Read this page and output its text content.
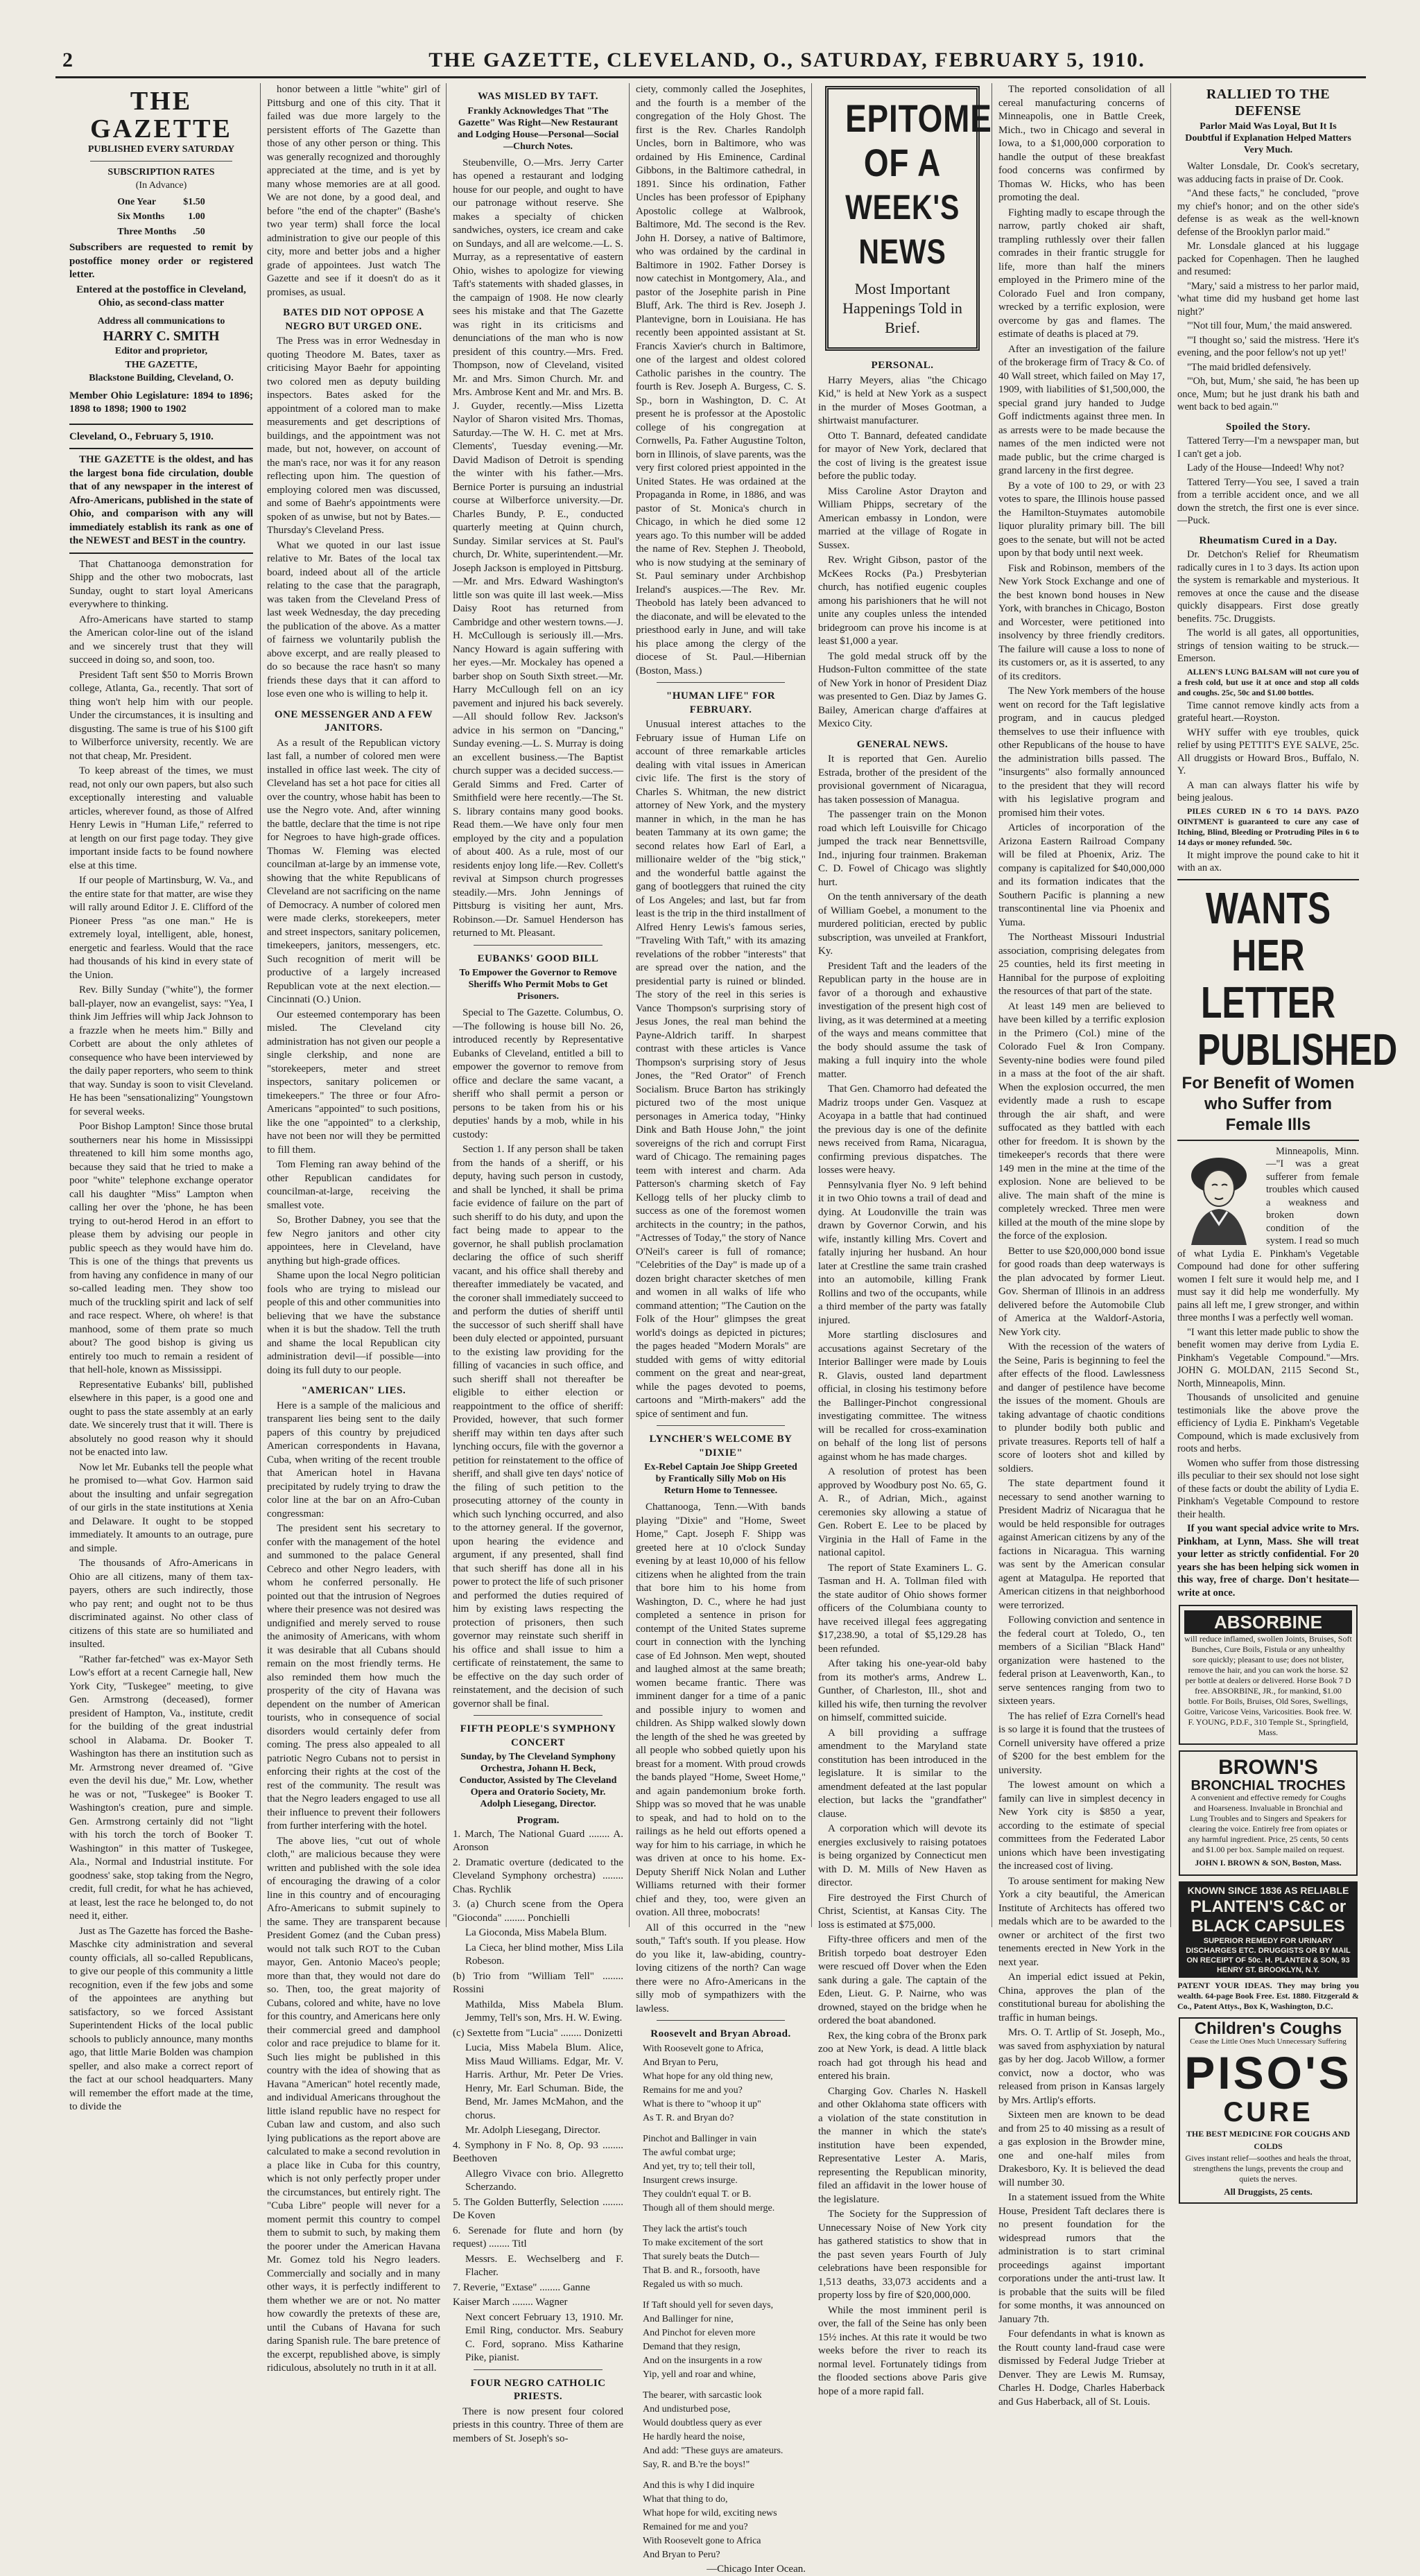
2	THE GAZETTE, CLEVELAND, O., SATURDAY, FEBRUARY 5, 1910.
THE GAZETTE
PUBLISHED EVERY SATURDAY
SUBSCRIPTION RATES
(In Advance)
One Year	$1.50
Six Months	1.00
Three Months	.50

Subscribers are requested to remit by postoffice money order or registered letter.

Entered at the postoffice in Cleveland, Ohio, as second-class matter

Address all communications to
HARRY C. SMITH
Editor and proprietor,
THE GAZETTE,
Blackstone Building, Cleveland, O.

Member Ohio Legislature: 1894 to 1896; 1898 to 1898; 1900 to 1902

Cleveland, O., February 5, 1910.

THE GAZETTE is the oldest, and has the largest bona fide circulation, double that of any newspaper in the interest of Afro-Americans, published in the state of Ohio, and comparison with any will immediately establish its rank as one of the NEWEST and BEST in the country.

That Chattanooga demonstration for Shipp and the other two mobocrats, last Sunday, ought to start loyal Americans everywhere to thinking.

Afro-Americans have started to stamp the American color-line out of the island and we sincerely trust that they will succeed in doing so, and soon, too.

President Taft sent $50 to Morris Brown college, Atlanta, Ga., recently. That sort of thing won't help him with our people. Under the circumstances, it is insulting and disgusting. The same is true of his $100 gift to Wilberforce university, recently. We are not that cheap, Mr. President.

To keep abreast of the times, we must read, not only our own papers, but also such exceptionally interesting and valuable articles, wherever found, as those of Alfred Henry Lewis in "Human Life," referred to at length on our first page today. They give important inside facts to be found nowhere else at this time.

If our people of Martinsburg, W. Va., and the entire state for that matter, are wise they will rally around Editor J. E. Clifford of the Pioneer Press "as one man." He is extremely loyal, intelligent, able, honest, energetic and fearless. Would that the race had thousands of his kind in every state of the Union.

Rev. Billy Sunday ("white"), the former ball-player, now an evangelist, says: "Yea, I think Jim Jeffries will whip Jack Johnson to a frazzle when he meets him." Billy and Corbett are about the only athletes of consequence who have been interviewed by the daily paper reporters, who seem to think that way. Sunday is soon to visit Cleveland. He has been "sensationalizing" Youngstown for several weeks.

Poor Bishop Lampton! Since those brutal southerners near his home in Mississippi threatened to kill him some months ago, because they said that he tried to make a poor "white" telephone exchange operator call his daughter "Miss" Lampton when calling her over the 'phone, he has been trying to out-herod Herod in an effort to please them by advising our people in public speech as they would have him do. This is one of the things that prevents us from having any confidence in many of our so-called leading men. They show too much of the truckling spirit and lack of self and race respect. Where, oh where! is that manhood, some of them prate so much about? The good bishop is giving us entirely too much to remain a resident of that hell-hole, known as Mississippi.

Representative Eubanks' bill, published elsewhere in this paper, is a good one and ought to pass the state assembly at an early date. We sincerely trust that it will. There is absolutely no good reason why it should not be enacted into law.

Now let Mr. Eubanks tell the people what he promised to—what Gov. Harmon said about the insulting and unfair segregation of our girls in the state institutions at Xenia and Delaware. It ought to be stopped immediately. It amounts to an outrage, pure and simple.

The thousands of Afro-Americans in Ohio are all citizens, many of them tax-payers, others are such indirectly, those who pay rent; and ought not to be thus discriminated against. No other class of citizens of this state are so humiliated and insulted.

"Rather far-fetched" was ex-Mayor Seth Low's effort at a recent Carnegie hall, New York City, "Tuskegee" meeting, to give Gen. Armstrong (deceased), former president of Hampton, Va., institute, credit for the building of the great industrial school in Alabama. Dr. Booker T. Washington has there an institution such as Mr. Armstrong never dreamed of. "Give even the devil his due," Mr. Low, whether he was or not, "Tuskegee" is Booker T. Washington's creation, pure and simple. Gen. Armstrong certainly did not "light with his torch the torch of Booker T. Washington" in this matter of Tuskegee, Ala., Normal and Industrial institute. For goodness' sake, stop taking from the Negro, credit, full credit, for what he has achieved, at least, lest the race he belonged to, do not need it, either.

Just as The Gazette has forced the Bashe-Maschke city administration and several county officials, all so-called Republicans, to give our people of this community a little recognition, even if the few jobs and some of the appointees are anything but satisfactory, so we forced Assistant Superintendent Hicks of the local public schools to publicly announce, many months ago, that little Marie Bolden was champion speller, and also make a correct report of the fact at our school headquarters. Many will remember the effort made at the time, to divide the

honor between a little "white" girl of Pittsburg and one of this city. That it failed was due more largely to the persistent efforts of The Gazette than those of any other person or thing. This was generally recognized and thoroughly appreciated at the time, and is yet by many whose memories are at all good. We are not done, by a good deal, and before "the end of the chapter" (Bashe's two year term) shall force the local administration to give our people of this city, more and better jobs and a higher grade of appointees. Just watch The Gazette and see if it doesn't do as it promises, as usual.

BATES DID NOT OPPOSE A NEGRO BUT URGED ONE.

The Press was in error Wednesday in quoting Theodore M. Bates, taxer as criticising Mayor Baehr for appointing two colored men as deputy building inspectors. Bates asked for the appointment of a colored man to make measurements and get descriptions of buildings, and the appointment was not made, but not, however, on account of the man's race, nor was it for any reason reflecting upon him. The question of employing colored men was discussed, and some of Baehr's appointments were spoken of as unwise, but not by Bates.—Thursday's Cleveland Press.

What we quoted in our last issue relative to Mr. Bates of the local tax board, indeed about all of the article relating to the case that the paragraph, was taken from the Cleveland Press of last week Wednesday, the day preceding the publication of the above. As a matter of fairness we voluntarily publish the above excerpt, and are really pleased to do so because the race hasn't so many friends these days that it can afford to lose even one who is willing to help it.

ONE MESSENGER AND A FEW JANITORS.

As a result of the Republican victory last fall, a number of colored men were installed in office last week. The city of Cleveland has set a hot pace for cities all over the country, whose habit has been to use the Negro vote. And, after winning the battle, declare that the time is not ripe for Negroes to have high-grade offices. Thomas W. Fleming was elected councilman at-large by an immense vote, showing that the white Republicans of Cleveland are not sacrificing on the name of Democracy. A number of colored men were made clerks, storekeepers, meter and street inspectors, sanitary policemen, timekeepers, janitors, messengers, etc. Such recognition of merit will be productive of a largely increased Republican vote at the next election.—Cincinnati (O.) Union.

Our esteemed contemporary has been misled. The Cleveland city administration has not given our people a single clerkship, and none are "storekeepers, meter and street inspectors, sanitary policemen or timekeepers." The three or four Afro-Americans "appointed" to such positions, like the one "appointed" to a clerkship, have not been nor will they be permitted to fill them.

Tom Fleming ran away behind of the other Republican candidates for councilman-at-large, receiving the smallest vote.

So, Brother Dabney, you see that the few Negro janitors and other city appointees, here in Cleveland, have anything but high-grade offices.

Shame upon the local Negro politician fools who are trying to mislead our people of this and other communities into believing that we have the substance when it is but the shadow. Tell the truth and shame the local Republican city administration devil—if possible—into doing its full duty to our people.

"AMERICAN" LIES.

Here is a sample of the malicious and transparent lies being sent to the daily papers of this country by prejudiced American correspondents in Havana, Cuba, when writing of the recent trouble that American hotel in Havana precipitated by rudely trying to draw the color line at the bar on an Afro-Cuban congressman:

The president sent his secretary to confer with the management of the hotel and summoned to the palace General Cebreco and other Negro leaders, with whom he conferred personally. He pointed out that the intrusion of Negroes where their presence was not desired was undignified and merely served to rouse the animosity of Americans, with whom it was desirable that all Cubans should remain on the most friendly terms. He also reminded them how much the prosperity of the city of Havana was dependent on the number of American tourists, who in consequence of social disorders would certainly defer from coming. The press also appealed to all patriotic Negro Cubans not to persist in enforcing their rights at the cost of the rest of the community. The result was that the Negro leaders engaged to use all their influence to prevent their followers from further interfering with the hotel.

The above lies, "cut out of whole cloth," are malicious because they were written and published with the sole idea of encouraging the drawing of a color line in this country and of encouraging Afro-Americans to submit supinely to the same. They are transparent because President Gomez (and the Cuban press) would not talk such ROT to the Cuban mayor, Gen. Antonio Maceo's people; more than that, they would not dare do so. Then, too, the great majority of Cubans, colored and white, have no love for this country, and Americans here only their commercial greed and damphool color and race prejudice to blame for it. Such lies might be published in this country with the idea of showing that as Havana "American" hotel recently made, and individual Americans throughout the little island republic have no respect for Cuban law and custom, and also such lying publications as the report above are calculated to make a second revolution in a place like in Cuba for this country, which is not only perfectly proper under the circumstances, but entirely right. The "Cuba Libre" people will never for a moment permit this country to compel them to submit to such, by making them the poorer under the American Havana Mr. Gomez told his Negro leaders. Commercially and socially and in many other ways, it is perfectly indifferent to them whether we are or not. No matter how cowardly the pretexts of these are, until the Cubans of Havana for such daring Spanish rule. The bare pretence of the excerpt, republished above, is simply ridiculous, absolutely no truth in it at all.

WAS MISLED BY TAFT.
Frankly Acknowledges That "The Gazette" Was Right—New Restaurant and Lodging House—Personal—Social—Church Notes.

Steubenville, O.—Mrs. Jerry Carter has opened a restaurant and lodging house for our people, and ought to have our patronage without reserve. She makes a specialty of chicken sandwiches, oysters, ice cream and cake on Sundays, and all are welcome.—L. S. Murray, as a representative of eastern Ohio, wishes to apologize for viewing Taft's statements with shaded glasses, in the campaign of 1908. He now clearly sees his mistake and that The Gazette was right in its criticisms and denunciations of the man who is now president of this country.—Mrs. Fred. Thompson, now of Cleveland, visited Mr. and Mrs. Simon Church. Mr. and Mrs. Ambrose Kent and Mr. and Mrs. B. J. Guyder, recently.—Miss Lizetta Naylor of Sharon visited Mrs. Thomas, Saturday.—The W. H. C. met at Mrs. Clements', Tuesday evening.—Mr. David Madison of Detroit is spending the winter with his father.—Mrs. Bernice Porter is pursuing an industrial course at Wilberforce university.—Dr. Charles Bundy, P. E., conducted quarterly meeting at Quinn church, Sunday. Similar services at St. Paul's church, Dr. White, superintendent.—Mr. Joseph Jackson is employed in Pittsburg.—Mr. and Mrs. Edward Washington's little son was quite ill last week.—Miss Daisy Root has returned from Cambridge and other western towns.—J. H. McCullough is seriously ill.—Mrs. Nancy Howard is again suffering with her eyes.—Mr. Mockaley has opened a barber shop on South Sixth street.—Mr. Harry McCullough fell on an icy pavement and injured his back severely.—All should follow Rev. Jackson's advice in his sermon on "Dancing," Sunday evening.—L. S. Murray is doing an excellent business.—The Baptist church supper was a decided success.—Gerald Simms and Fred. Carter of Smithfield were here recently.—The St. S. library contains many good books. Read them.—We have only four men employed by the city and a population of about 400. As a rule, most of our residents enjoy long life.—Rev. Collett's revival at Simpson church progresses steadily.—Mrs. John Jennings of Pittsburg is visiting her aunt, Mrs. Robinson.—Dr. Samuel Henderson has returned to Mt. Pleasant.

EUBANKS' GOOD BILL
To Empower the Governor to Remove Sheriffs Who Permit Mobs to Get Prisoners.

Special to The Gazette. Columbus, O.—The following is house bill No. 26, introduced recently by Representative Eubanks of Cleveland, entitled a bill to empower the governor to remove from office and declare the same vacant, a sheriff who shall permit a person or persons to be taken from his or his deputies' hands by a mob, while in his custody:

Section 1. If any person shall be taken from the hands of a sheriff, or his deputy, having such person in custody, and shall be lynched, it shall be prima facie evidence of failure on the part of such sheriff to do his duty, and upon the fact being made to appear to the governor, he shall publish proclamation declaring the office of such sheriff vacant, and his office shall thereby and thereafter immediately be vacated, and the coroner shall immediately succeed to and perform the duties of sheriff until the successor of such sheriff shall have been duly elected or appointed, pursuant to the existing law providing for the filling of vacancies in such office, and such sheriff shall not thereafter be eligible to either election or reappointment to the office of sheriff: Provided, however, that such former sheriff may within ten days after such lynching occurs, file with the governor a petition for reinstatement to the office of sheriff, and shall give ten days' notice of the filing of such petition to the prosecuting attorney of the county in which such lynching occurred, and also to the attorney general. If the governor, upon hearing the evidence and argument, if any presented, shall find that such sheriff has done all in his power to protect the life of such prisoner and performed the duties required of him by existing laws respecting the protection of prisoners, then such governor may reinstate such sheriff in his office and shall issue to him a certificate of reinstatement, the same to be effective on the day such order of reinstatement, and the decision of such governor shall be final.

FIFTH PEOPLE'S SYMPHONY CONCERT
Sunday, by The Cleveland Symphony Orchestra, Johann H. Beck, Conductor, Assisted by The Cleveland Opera and Oratorio Society, Mr. Adolph Liesegang, Director.
Program.

1. March, The National Guard ........ A. Aronson

2. Dramatic overture (dedicated to the Cleveland Symphony orchestra) ........ Chas. Rychlik

3. (a) Church scene from the Opera "Gioconda" ........ Ponchielli

La Gioconda, Miss Mabela Blum.

La Cieca, her blind mother, Miss Lila Robeson.

(b) Trio from "William Tell" ........ Rossini

Mathilda, Miss Mabela Blum. Jemmy, Tell's son, Mrs. H. W. Ewing.

(c) Sextette from "Lucia" ........ Donizetti

Lucia, Miss Mabela Blum. Alice, Miss Maud Williams. Edgar, Mr. V. Harris. Arthur, Mr. Peter De Vries. Henry, Mr. Earl Schuman. Bide, the Bend, Mr. James McMahon, and the chorus.

Mr. Adolph Liesegang, Director.

4. Symphony in F No. 8, Op. 93 ........ Beethoven

Allegro Vivace con brio. Allegretto Scherzando.

5. The Golden Butterfly, Selection ........ De Koven

6. Serenade for flute and horn (by request) ........ Titl

Messrs. E. Wechselberg and F. Flacher.

7. Reverie, "Extase" ........ Ganne

Kaiser March ........ Wagner

Next concert February 13, 1910. Mr. Emil Ring, conductor. Mrs. Seabury C. Ford, soprano. Miss Katharine Pike, pianist.

FOUR NEGRO CATHOLIC PRIESTS.

There is now present four colored priests in this country. Three of them are members of St. Joseph's so-

ciety, commonly called the Josephites, and the fourth is a member of the congregation of the Holy Ghost. The first is the Rev. Charles Randolph Uncles, born in Baltimore, who was ordained by His Eminence, Cardinal Gibbons, in the Baltimore cathedral, in 1891. Since his ordination, Father Uncles has been professor of Epiphany Apostolic college at Walbrook, Baltimore, Md. The second is the Rev. John H. Dorsey, a native of Baltimore, who was ordained by the cardinal in Baltimore in 1902. Father Dorsey is now catechist in Montgomery, Ala., and pastor of the Josephite parish in Pine Bluff, Ark. The third is Rev. Joseph J. Plantevigne, born in Louisiana. He has recently been appointed assistant at St. Francis Xavier's church in Baltimore, one of the largest and oldest colored Catholic parishes in the country. The fourth is Rev. Joseph A. Burgess, C. S. Sp., born in Washington, D. C. At present he is professor at the Apostolic college of his congregation at Cornwells, Pa. Father Augustine Tolton, born in Illinois, of slave parents, was the very first colored priest appointed in the United States. He was ordained at the Propaganda in Rome, in 1886, and was pastor of St. Monica's church in Chicago, in which he died some 12 years ago. To this number will be added the name of Rev. Stephen J. Theobold, who is now studying at the seminary of St. Paul seminary under Archbishop Ireland's auspices.—The Rev. Mr. Theobold has lately been advanced to the diaconate, and will be elevated to the priesthood early in June, and will take his place among the clergy of the diocese of St. Paul.—Hibernian (Boston, Mass.)

"HUMAN LIFE" FOR FEBRUARY.

Unusual interest attaches to the February issue of Human Life on account of three remarkable articles dealing with vital issues in American civic life. The first is the story of Charles S. Whitman, the new district attorney of New York, and the mystery manner in which, in the man he has beaten Tammany at its own game; the second relates how Earl of Earl, a millionaire welder of the "big stick," and the wonderful battle against the gang of bootleggers that ruined the city of Los Angeles; and last, but far from least is the trip in the third installment of Alfred Henry Lewis's famous series, "Traveling With Taft," with its amazing revelations of the robber "interests" that are spread over the nation, and the presidential party is ruined or blinded. The story of the reel in this series is Vance Thompson's surprising story of Jesus Jones, the real man behind the Payne-Aldrich tariff. In sharpest contrast with these articles is Vance Thompson's surprising story of Jesus Jones, the "Red Orator" of French Socialism. Bruce Barton has strikingly pictured two of the most unique personages in America today, "Hinky Dink and Bath House John," the joint sovereigns of the rich and corrupt First ward of Chicago. The remaining pages teem with interest and charm. Ada Patterson's charming sketch of Fay Kellogg tells of her plucky climb to success as one of the foremost women architects in the country; in the pathos, "Actresses of Today," the story of Nance O'Neil's career is full of romance; "Celebrities of the Day" is made up of a dozen bright character sketches of men and women in all walks of life who command attention; "The Caution on the Folk of the Hour" glimpses the great world's doings as depicted in pictures; the pages headed "Modern Morals" are studded with gems of witty editorial comment on the great and near-great, while the pages devoted to poems, cartoons and "Mirth-makers" add the spice of sentiment and fun.

LYNCHER'S WELCOME BY "DIXIE"
Ex-Rebel Captain Joe Shipp Greeted by Frantically Silly Mob on His Return Home to Tennessee.

Chattanooga, Tenn.—With bands playing "Dixie" and "Home, Sweet Home," Capt. Joseph F. Shipp was greeted here at 10 o'clock Sunday evening by at least 10,000 of his fellow citizens when he alighted from the train that bore him to his home from Washington, D. C., where he had just completed a sentence in prison for contempt of the United States supreme court in connection with the lynching case of Ed Johnson. Men wept, shouted and laughed almost at the same breath; women became frantic. There was imminent danger for a time of a panic and possible injury to women and children. As Shipp walked slowly down the length of the shed he was greeted by all people who sobbed quietly upon his breast for a moment. With proud crowds the bands played "Home, Sweet Home," and again pandemonium broke forth. Shipp was so moved that he was unable to speak, and had to hold on to the railings as he held out efforts opened a way for him to his carriage, in which he was driven at once to his home. Ex-Deputy Sheriff Nick Nolan and Luther Williams returned with their former chief and they, too, were given an ovation. All three, mobocrats!

All of this occurred in the "new south," Taft's south. If you please. How do you like it, law-abiding, country-loving citizens of the north? Can wage there were no Afro-Americans in the silly mob of sympathizers with the lawless.

Roosevelt and Bryan Abroad.

With Roosevelt gone to Africa,

And Bryan to Peru,

What hope for any old thing new,

Remains for me and you?

What is there to "whoop it up"

As T. R. and Bryan do?

Pinchot and Ballinger in vain

The awful combat urge;

And yet, try to; tell their toll,

Insurgent crews insurge.

They couldn't equal T. or B.

Though all of them should merge.

They lack the artist's touch

To make excitement of the sort

That surely beats the Dutch—

That B. and R., forsooth, have

Regaled us with so much.

If Taft should yell for seven days,

And Ballinger for nine,

And Pinchot for eleven more

Demand that they resign,

And on the insurgents in a row

Yip, yell and roar and whine,

The bearer, with sarcastic look

And undisturbed pose,

Would doubtless query as ever

He hardly heard the noise,

And add: "These guys are amateurs.

Say, R. and B.'re the boys!"

And this is why I did inquire

What that thing to do,

What hope for wild, exciting news

Remained for me and you?

With Roosevelt gone to Africa

And Bryan to Peru?

—Chicago Inter Ocean.

EPITOME
OF A
WEEK'S NEWS
Most Important Happenings Told in Brief.
PERSONAL.

Harry Meyers, alias "the Chicago Kid," is held at New York as a suspect in the murder of Moses Gootman, a shirtwaist manufacturer.

Otto T. Bannard, defeated candidate for mayor of New York, declared that the cost of living is the greatest issue before the public today.

Miss Caroline Astor Drayton and William Phipps, secretary of the American embassy in London, were married at the village of Rogate in Sussex.

Rev. Wright Gibson, pastor of the McKees Rocks (Pa.) Presbyterian church, has notified eugenic couples among his parishioners that he will not unite any couples unless the intended bridegroom can prove his income is at least $1,000 a year.

The gold medal struck off by the Hudson-Fulton committee of the state of New York in honor of President Diaz was presented to Gen. Diaz by James G. Bailey, American charge d'affaires at Mexico City.

GENERAL NEWS.

It is reported that Gen. Aurelio Estrada, brother of the president of the provisional government of Nicaragua, has taken possession of Managua.

The passenger train on the Monon road which left Louisville for Chicago jumped the track near Bennettsville, Ind., injuring four trainmen. Brakeman C. D. Fowel of Chicago was slightly hurt.

On the tenth anniversary of the death of William Goebel, a monument to the murdered politician, erected by public subscription, was unveiled at Frankfort, Ky.

President Taft and the leaders of the Republican party in the house are in favor of a thorough and exhaustive investigation of the present high cost of living, as it was determined at a meeting of the ways and means committee that the body should assume the task of making a full inquiry into the whole matter.

That Gen. Chamorro had defeated the Madriz troops under Gen. Vasquez at Acoyapa in a battle that had continued the previous day is one of the definite news received from Rama, Nicaragua, confirming previous dispatches. The losses were heavy.

Pennsylvania flyer No. 9 left behind it in two Ohio towns a trail of dead and dying. At Loudonville the train was drawn by Governor Corwin, and his wife, instantly killing Mrs. Covert and fatally injuring her husband. An hour later at Crestline the same train crashed into an automobile, killing Frank Rollins and two of the occupants, while a third member of the party was fatally injured.

More startling disclosures and accusations against Secretary of the Interior Ballinger were made by Louis R. Glavis, ousted land department official, in closing his testimony before the Ballinger-Pinchot congressional investigating committee. The witness will be recalled for cross-examination on behalf of the long list of persons against whom he has made charges.

A resolution of protest has been approved by Woodbury post No. 65, G. A. R., of Adrian, Mich., against ceremonies sky allowing a statue of Gen. Robert E. Lee to be placed by Virginia in the Hall of Fame in the national capitol.

The report of State Examiners L. G. Tasman and H. A. Tollman filed with the state auditor of Ohio shows former officers of the Columbiana county to have received illegal fees aggregating $17,238.90, a total of $5,129.28 has been refunded.

After taking his one-year-old baby from its mother's arms, Andrew L. Gunther, of Charleston, Ill., shot and killed his wife, then turning the revolver on himself, committed suicide.

A bill providing a suffrage amendment to the Maryland state constitution has been introduced in the legislature. It is similar to the amendment defeated at the last popular election, but lacks the "grandfather" clause.

A corporation which will devote its energies exclusively to raising potatoes is being organized by Connecticut men with D. M. Mills of New Haven as director.

Fire destroyed the First Church of Christ, Scientist, at Kansas City. The loss is estimated at $75,000.

Fifty-three officers and men of the British torpedo boat destroyer Eden were rescued off Dover when the Eden sank during a gale. The captain of the Eden, Lieut. G. P. Nairne, who was drowned, stayed on the bridge when he ordered the boat abandoned.

Rex, the king cobra of the Bronx park zoo at New York, is dead. A little black roach had got through his head and entered his brain.

Charging Gov. Charles N. Haskell and other Oklahoma state officers with a violation of the state constitution in the manner in which the state's institution have been expended, Representative Lester A. Maris, representing the Republican minority, filed an affidavit in the lower house of the legislature.

The Society for the Suppression of Unnecessary Noise of New York city has gathered statistics to show that in the past seven years Fourth of July celebrations have been responsible for 1,513 deaths, 33,073 accidents and a property loss by fire of $20,000,000.

While the most imminent peril is over, the fall of the Seine has only been 15½ inches. At this rate it would be two weeks before the river to reach its normal level. Fortunately tidings from the flooded sections above Paris give hope of a more rapid fall.

The reported consolidation of all cereal manufacturing concerns of Minneapolis, one in Battle Creek, Mich., two in Chicago and several in Iowa, to a $1,000,000 corporation to handle the output of these breakfast food concerns was confirmed by Thomas W. Hicks, who has been promoting the deal.

Fighting madly to escape through the narrow, partly choked air shaft, trampling ruthlessly over their fallen comrades in their frantic struggle for life, more than half the miners employed in the Primero mine of the Colorado Fuel and Iron company, wrecked by a terrific explosion, were overcome by gas and flames. The estimate of deaths is placed at 79.

After an investigation of the failure of the brokerage firm of Tracy & Co. of 40 Wall street, which failed on May 17, 1909, with liabilities of $1,500,000, the special grand jury handed to Judge Goff indictments against three men. In as arrests were to be made because the names of the men indicted were not made public, but the crime charged is grand larceny in the first degree.

By a vote of 100 to 29, or with 23 votes to spare, the Illinois house passed the Hamilton-Stuymates automobile liquor plurality primary bill. The bill goes to the senate, but will not be acted upon by that body until next week.

Fisk and Robinson, members of the New York Stock Exchange and one of the best known bond houses in New York, with branches in Chicago, Boston and Worcester, were petitioned into insolvency by three friendly creditors. The failure will cause a loss to none of its customers or, as it is asserted, to any of its creditors.

The New York members of the house went on record for the Taft legislative program, and in caucus pledged themselves to use their influence with other Republicans of the house to have the administration bills passed. The "insurgents" also formally announced to the president that they will record with his legislative program and promised him their votes.

Articles of incorporation of the Arizona Eastern Railroad Company will be filed at Phoenix, Ariz. The company is capitalized for $40,000,000 and its formation indicates that the Southern Pacific is planning a new transcontinental line via Phoenix and Yuma.

The Northeast Missouri Industrial association, comprising delegates from 25 counties, held its first meeting in Hannibal for the purpose of exploiting the resources of that part of the state.

At least 149 men are believed to have been killed by a terrific explosion in the Primero (Col.) mine of the Colorado Fuel & Iron Company. Seventy-nine bodies were found piled in a mass at the foot of the air shaft. When the explosion occurred, the men evidently made a rush to escape through the air shaft, and were suffocated as they battled with each other for freedom. It is shown by the timekeeper's records that there were 149 men in the mine at the time of the explosion. None are believed to be alive. The main shaft of the mine is completely wrecked. Three men were killed at the mouth of the mine slope by the force of the explosion.

Better to use $20,000,000 bond issue for good roads than deep waterways is the plan advocated by former Lieut. Gov. Sherman of Illinois in an address delivered before the Automobile Club of America at the Waldorf-Astoria, New York city.

With the recession of the waters of the Seine, Paris is beginning to feel the after effects of the flood. Lawlessness and danger of pestilence have become the issues of the moment. Ghouls are taking advantage of chaotic conditions to plunder bodily both public and private treasures. Reports tell of half a score of looters shot and killed by soldiers.

The state department found it necessary to send another warning to President Madriz of Nicaragua that he would be held responsible for outrages against American citizens by any of the factions in Nicaragua. This warning was sent by the American consular agent at Matagulpa. He reported that American citizens in that neighborhood were terrorized.

Following conviction and sentence in the federal court at Toledo, O., ten members of a Sicilian "Black Hand" organization were hastened to the federal prison at Leavenworth, Kan., to serve sentences ranging from two to sixteen years.

The has relief of Ezra Cornell's head is so large it is found that the trustees of Cornell university have offered a prize of $200 for the best emblem for the university.

The lowest amount on which a family can live in simplest decency in New York city is $850 a year, according to the estimate of special committees from the Federated Labor unions which have been investigating the increased cost of living.

To arouse sentiment for making New York a city beautiful, the American Institute of Architects has offered two medals which are to be awarded to the owner or architect of the first two tenements erected in New York in the next year.

An imperial edict issued at Pekin, China, approves the plan of the constitutional bureau for abolishing the traffic in human beings.

Mrs. O. T. Artlip of St. Joseph, Mo., was saved from asphyxiation by natural gas by her dog. Jacob Willow, a former convict, now a doctor, who was released from prison in Kansas largely by Mrs. Artlip's efforts.

Sixteen men are known to be dead and from 25 to 40 missing as a result of a gas explosion in the Browder mine, one and one-half miles from Drakesboro, Ky. It is believed the dead will number 30.

In a statement issued from the White House, President Taft declares there is no present foundation for the widespread rumors that the administration is to start criminal proceedings against important corporations under the anti-trust law. It is probable that the suits will be filed for some months, it was announced on January 7th.

Four defendants in what is known as the Routt county land-fraud case were dismissed by Federal Judge Trieber at Denver. They are Lewis M. Rumsay, Charles H. Dodge, Charles Haberback and Gus Haberback, all of St. Louis.

RALLIED TO THE DEFENSE
Parlor Maid Was Loyal, But It Is Doubtful if Explanation Helped Matters Very Much.

Walter Lonsdale, Dr. Cook's secretary, was adducing facts in praise of Dr. Cook.

"And these facts," he concluded, "prove my chief's honor; and on the other side's defense is as weak as the well-known defense of the Brooklyn parlor maid."

Mr. Lonsdale glanced at his luggage packed for Copenhagen. Then he laughed and resumed:

"Mary,' said a mistress to her parlor maid, 'what time did my husband get home last night?'

"'Not till four, Mum,' the maid answered.

"'I thought so,' said the mistress. 'Here it's evening, and the poor fellow's not up yet!'

"The maid bridled defensively.

"'Oh, but, Mum,' she said, 'he has been up once, Mum; but he just drank his bath and went back to bed again.'"

Spoiled the Story.

Tattered Terry—I'm a newspaper man, but I can't get a job.

Lady of the House—Indeed! Why not?

Tattered Terry—You see, I saved a train from a terrible accident once, and we all down the stretch, the first one is ever since.—Puck.

Rheumatism Cured in a Day.

Dr. Detchon's Relief for Rheumatism radically cures in 1 to 3 days. Its action upon the system is remarkable and mysterious. It removes at once the cause and the disease quickly disappears. First dose greatly benefits. 75c. Druggists.

The world is all gates, all opportunities, strings of tension waiting to be struck.—Emerson.

ALLEN'S LUNG BALSAM will not cure you of a fresh cold, but use it at once and stop all colds and coughs. 25c, 50c and $1.00 bottles.

Time cannot remove kindly acts from a grateful heart.—Royston.

WHY suffer with eye troubles, quick relief by using PETTIT'S EYE SALVE, 25c. All druggists or Howard Bros., Buffalo, N. Y.

A man can always flatter his wife by being jealous.

PILES CURED IN 6 TO 14 DAYS. PAZO OINTMENT is guaranteed to cure any case of Itching, Blind, Bleeding or Protruding Piles in 6 to 14 days or money refunded. 50c.

It might improve the pound cake to hit it with an ax.

WANTS HER
LETTER
PUBLISHED
For Benefit of Women who Suffer from Female Ills

Minneapolis, Minn.—"I was a great sufferer from female troubles which caused a weakness and broken down condition of the system. I read so much of what Lydia E. Pinkham's Vegetable Compound had done for other suffering women I felt sure it would help me, and I must say it did help me wonderfully. My pains all left me, I grew stronger, and within three months I was a perfectly well woman.

"I want this letter made public to show the benefit women may derive from Lydia E. Pinkham's Vegetable Compound."—Mrs. JOHN G. MOLDAN, 2115 Second St., North, Minneapolis, Minn.

Thousands of unsolicited and genuine testimonials like the above prove the efficiency of Lydia E. Pinkham's Vegetable Compound, which is made exclusively from roots and herbs.

Women who suffer from those distressing ills peculiar to their sex should not lose sight of these facts or doubt the ability of Lydia E. Pinkham's Vegetable Compound to restore their health.

If you want special advice write to Mrs. Pinkham, at Lynn, Mass. She will treat your letter as strictly confidential. For 20 years she has been helping sick women in this way, free of charge. Don't hesitate—write at once.

ABSORBINE

will reduce inflamed, swollen Joints, Bruises, Soft Bunches, Cure Boils, Fistula or any unhealthy sore quickly; pleasant to use; does not blister, remove the hair, and you can work the horse. $2 per bottle at dealers or delivered. Horse Book 7 D free. ABSORBINE, JR., for mankind, $1.00 bottle. For Boils, Bruises, Old Sores, Swellings, Goitre, Varicose Veins, Varicosities. Book free. W. F. YOUNG, P.D.F., 310 Temple St., Springfield, Mass.

BROWN'S
BRONCHIAL TROCHES

A convenient and effective remedy for Coughs and Hoarseness. Invaluable in Bronchial and Lung Troubles and to Singers and Speakers for clearing the voice. Entirely free from opiates or any harmful ingredient. Price, 25 cents, 50 cents and $1.00 per box. Sample mailed on request.

JOHN I. BROWN & SON, Boston, Mass.

KNOWN SINCE 1836 AS RELIABLE
PLANTEN'S C&C or BLACK CAPSULES
SUPERIOR REMEDY FOR URINARY DISCHARGES ETC. DRUGGISTS OR BY MAIL ON RECEIPT OF 50c. H. PLANTEN & SON, 93 HENRY ST. BROOKLYN, N.Y.

PATENT YOUR IDEAS. They may bring you wealth. 64-page Book Free. Est. 1880. Fitzgerald & Co., Patent Attys., Box K, Washington, D.C.

Children's Coughs
Cease the Little Ones Much Unnecessary Suffering
PISO'S
CURE
THE BEST MEDICINE FOR COUGHS AND COLDS

Gives instant relief—soothes and heals the throat, strengthens the lungs, prevents the croup and quiets the nerves.

All Druggists, 25 cents.
